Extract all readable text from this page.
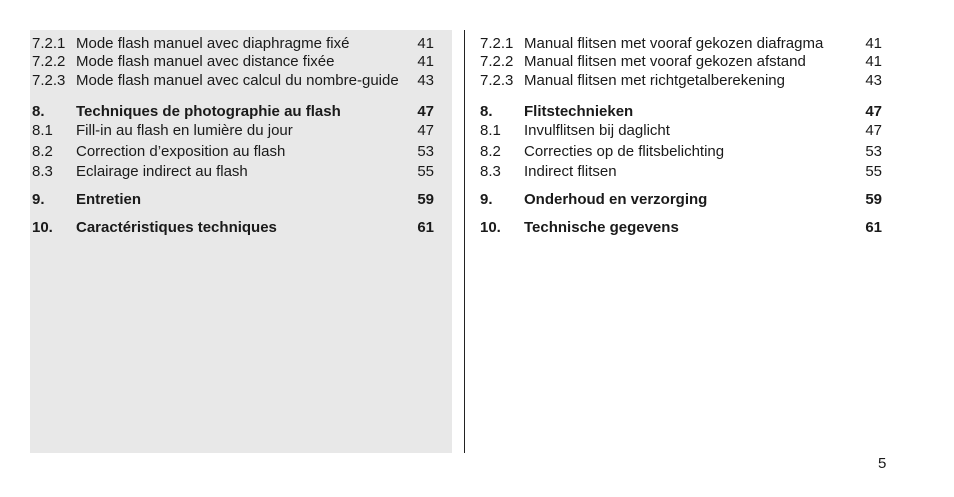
7.2.1 Mode flash manuel avec diaphragme fixé	41
7.2.2 Mode flash manuel avec distance fixée	41
7.2.3 Mode flash manuel avec calcul du nombre-guide 43
8. Techniques de photographie au flash	47
8.1 Fill-in au flash en lumière du jour	47
8.2 Correction d’exposition au flash	53
8.3 Eclairage indirect au flash	55
9. Entretien	59
10. Caractéristiques techniques	61
7.2.1 Manual flitsen met vooraf gekozen diafragma	41
7.2.2 Manual flitsen met vooraf gekozen afstand	41
7.2.3 Manual flitsen met richtgetalberekening	43
8. Flitstechnieken	47
8.1 Invulflitsen bij daglicht	47
8.2 Correcties op de flitsbelichting	53
8.3 Indirect flitsen	55
9. Onderhoud en verzorging	59
10. Technische gegevens	61
5
